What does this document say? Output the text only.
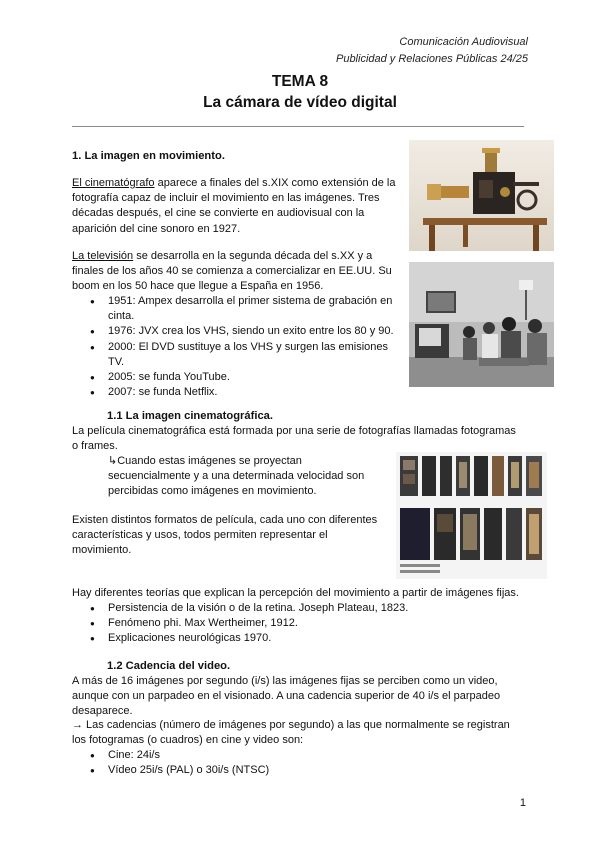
Comunicación Audiovisual
Publicidad y Relaciones Públicas 24/25
TEMA 8
La cámara de vídeo digital
1. La imagen en movimiento.
El cinematógrafo aparece a finales del s.XIX como extensión de la
fotografía capaz de incluir el movimiento en las imágenes. Tres
décadas después, el cine se convierte en audiovisual con la
aparición del cine sonoro en 1927.
La televisión se desarrolla en la segunda década del s.XX y a
finales de los años 40 se comienza a comercializar en EE.UU. Su
boom en los 50 hace que llegue a España en 1956.
● 1951: Ampex desarrolla el primer sistema de grabación en cinta.
● 1976: JVX crea los VHS, siendo un exito entre los 80 y 90.
● 2000: El DVD sustituye a los VHS y surgen las emisiones TV.
● 2005: se funda YouTube.
● 2007: se funda Netflix.
1.1 La imagen cinematográfica.
La película cinematográfica está formada por una serie de fotografías llamadas fotogramas
o frames.
↳Cuando estas imágenes se proyectan
secuencialmente y a una determinada velocidad son
percibidas como imágenes en movimiento.
Existen distintos formatos de película, cada uno con diferentes
características y usos, todos permiten representar el
movimiento.
Hay diferentes teorías que explican la percepción del movimiento a partir de imágenes fijas.
● Persistencia de la visión o de la retina. Joseph Plateau, 1823.
● Fenómeno phi. Max Wertheimer, 1912.
● Explicaciones neurológicas 1970.
1.2 Cadencia del video.
A más de 16 imágenes por segundo (i/s) las imágenes fijas se perciben como un video,
aunque con un parpadeo en el visionado. A una cadencia superior de 40 i/s el parpadeo
desaparece.
→ Las cadencias (número de imágenes por segundo) a las que normalmente se registran
los fotogramas (o cuadros) en cine y video son:
● Cine: 24i/s
● Vídeo 25i/s (PAL) o 30i/s (NTSC)
1
